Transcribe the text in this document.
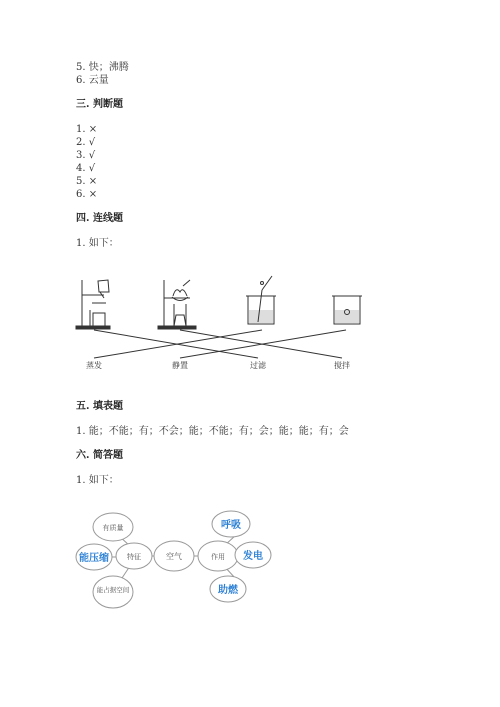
5. 快；沸腾
6. 云量
三. 判断题
1. ×
2. √
3. √
4. √
5. ×
6. ×
四. 连线题
1. 如下：
蒸发	静置	过滤	搅拌
有质量
能压缩	特征
能占据空间
空气	作用
呼吸
发电
助燃
五. 填表题
1. 能；不能；有；不会；能；不能；有；会；能；能；有；会
六. 简答题
1. 如下：
